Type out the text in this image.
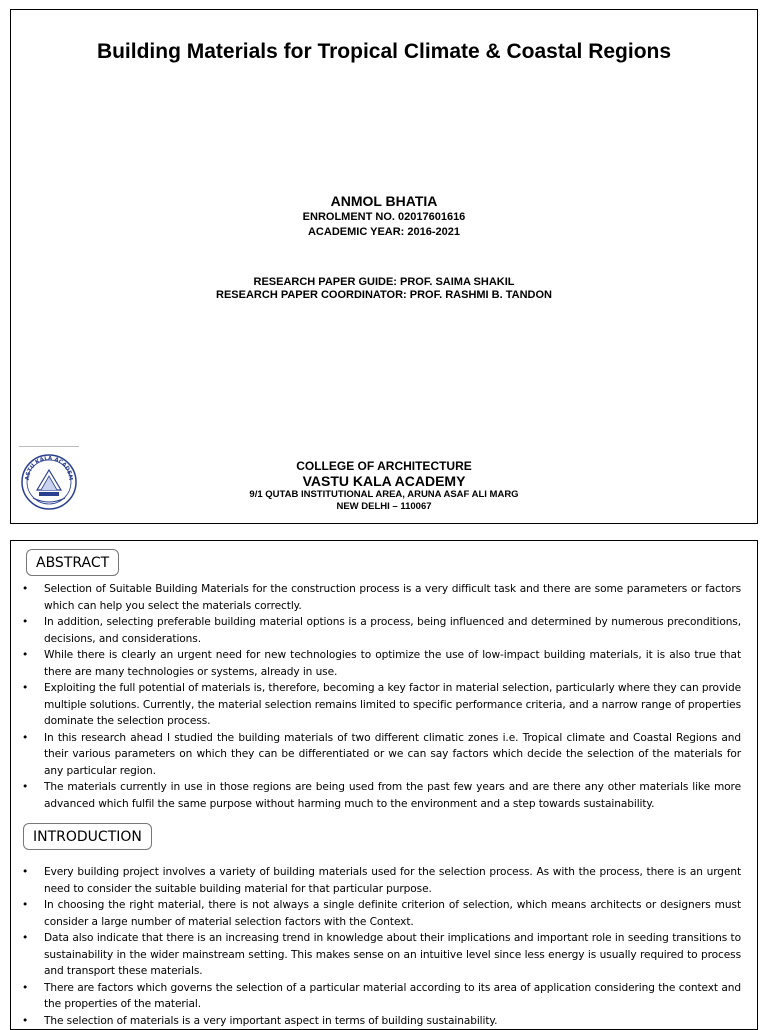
Building Materials for Tropical Climate & Coastal Regions
ANMOL BHATIA
ENROLMENT NO. 02017601616
ACADEMIC YEAR: 2016-2021
RESEARCH PAPER GUIDE: PROF. SAIMA SHAKIL
RESEARCH PAPER COORDINATOR: PROF. RASHMI B. TANDON
ASTU KALA ACADEM
COLLEGE OF ARCHITECTURE
VASTU KALA ACADEMY
9/1 QUTAB INSTITUTIONAL AREA, ARUNA ASAF ALI MARG
NEW DELHI – 110067
ABSTRACT
• Selection of Suitable Building Materials for the construction process is a very difficult task and there are some parameters or factors which can help you select the materials correctly.
• In addition, selecting preferable building material options is a process, being influenced and determined by numerous preconditions, decisions, and considerations.
• While there is clearly an urgent need for new technologies to optimize the use of low-impact building materials, it is also true that there are many technologies or systems, already in use.
• Exploiting the full potential of materials is, therefore, becoming a key factor in material selection, particularly where they can provide multiple solutions. Currently, the material selection remains limited to specific performance criteria, and a narrow range of properties dominate the selection process.
• In this research ahead I studied the building materials of two different climatic zones i.e. Tropical climate and Coastal Regions and their various parameters on which they can be differentiated or we can say factors which decide the selection of the materials for any particular region.
• The materials currently in use in those regions are being used from the past few years and are there any other materials like more advanced which fulfil the same purpose without harming much to the environment and a step towards sustainability.
INTRODUCTION
• Every building project involves a variety of building materials used for the selection process. As with the process, there is an urgent need to consider the suitable building material for that particular purpose.
• In choosing the right material, there is not always a single definite criterion of selection, which means architects or designers must consider a large number of material selection factors with the Context.
• Data also indicate that there is an increasing trend in knowledge about their implications and important role in seeding transitions to sustainability in the wider mainstream setting. This makes sense on an intuitive level since less energy is usually required to process and transport these materials.
• There are factors which governs the selection of a particular material according to its area of application considering the context and the properties of the material.
• The selection of materials is a very important aspect in terms of building sustainability.
